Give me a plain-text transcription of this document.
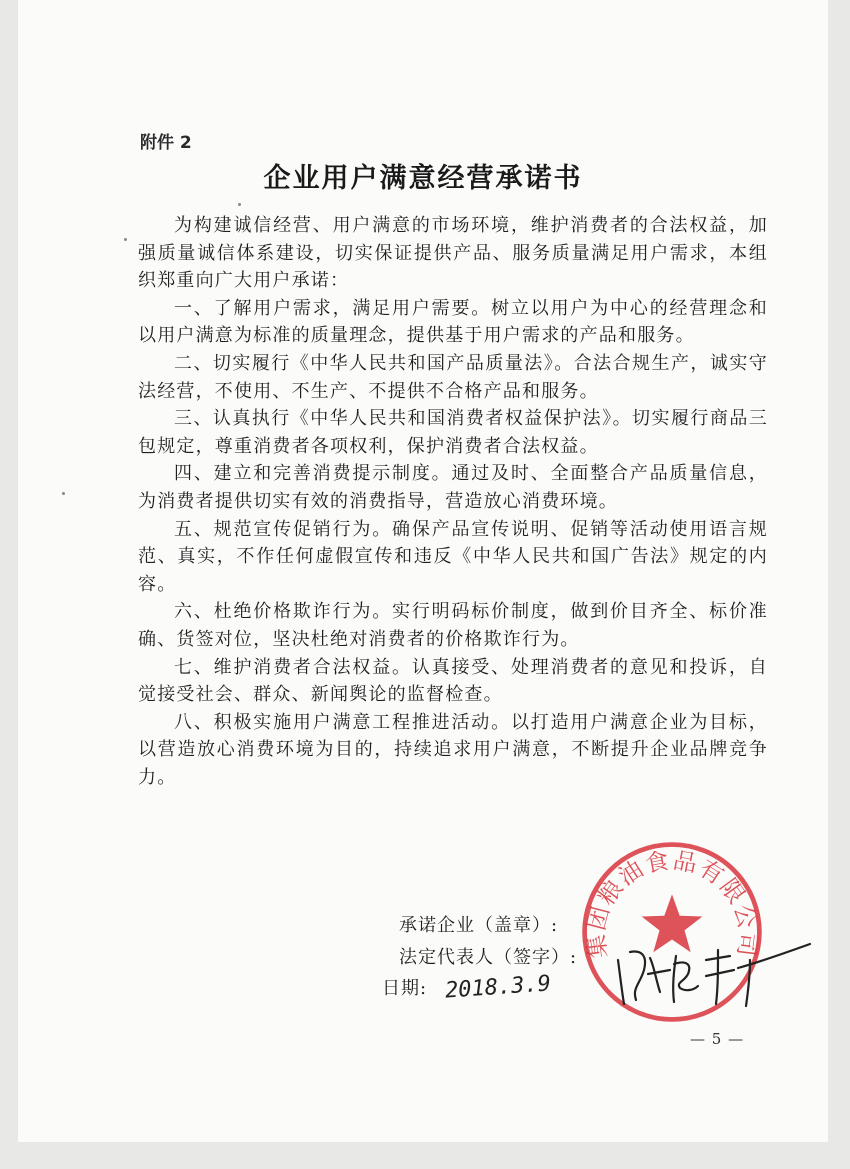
附件 2
企业用户满意经营承诺书

为构建诚信经营、用户满意的市场环境，维护消费者的合法权益，加强质量诚信体系建设，切实保证提供产品、服务质量满足用户需求，本组织郑重向广大用户承诺：

一、了解用户需求，满足用户需要。树立以用户为中心的经营理念和以用户满意为标准的质量理念，提供基于用户需求的产品和服务。

二、切实履行《中华人民共和国产品质量法》。合法合规生产，诚实守法经营，不使用、不生产、不提供不合格产品和服务。

三、认真执行《中华人民共和国消费者权益保护法》。切实履行商品三包规定，尊重消费者各项权利，保护消费者合法权益。

四、建立和完善消费提示制度。通过及时、全面整合产品质量信息，为消费者提供切实有效的消费指导，营造放心消费环境。

五、规范宣传促销行为。确保产品宣传说明、促销等活动使用语言规范、真实，不作任何虚假宣传和违反《中华人民共和国广告法》规定的内容。

六、杜绝价格欺诈行为。实行明码标价制度，做到价目齐全、标价准确、货签对位，坚决杜绝对消费者的价格欺诈行为。

七、维护消费者合法权益。认真接受、处理消费者的意见和投诉，自觉接受社会、群众、新闻舆论的监督检查。

八、积极实施用户满意工程推进活动。以打造用户满意企业为目标，以营造放心消费环境为目的，持续追求用户满意，不断提升企业品牌竞争力。

集团粮油食品有限公司
承诺企业（盖章）:
法定代表人（签字）:
日期: 2018.3.9
— 5 —
